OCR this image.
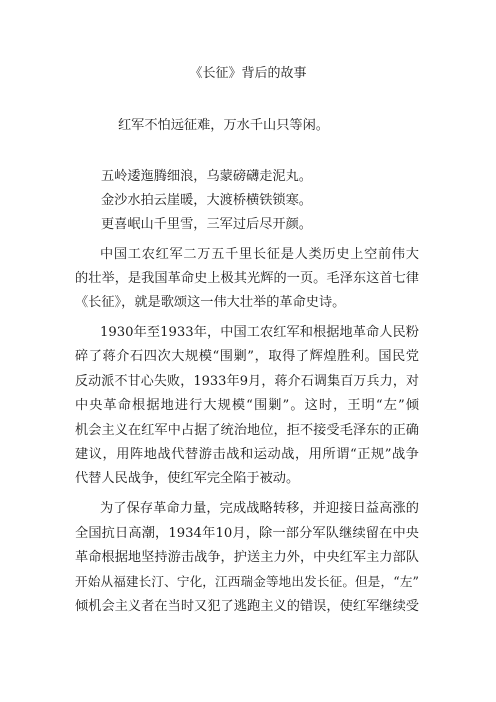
《长征》背后的故事
红军不怕远征难，万水千山只等闲。
五岭逶迤腾细浪，乌蒙磅礴走泥丸。
金沙水拍云崖暖，大渡桥横铁锁寒。
更喜岷山千里雪，三军过后尽开颜。
中国工农红军二万五千里长征是人类历史上空前伟大
的壮举，是我国革命史上极其光辉的一页。毛泽东这首七律
《长征》，就是歌颂这一伟大壮举的革命史诗。
1930年至1933年，中国工农红军和根据地革命人民粉
碎了蒋介石四次大规模“围剿”，取得了辉煌胜利。国民党
反动派不甘心失败，1933年9月，蒋介石调集百万兵力，对
中央革命根据地进行大规模“围剿”。这时，王明“左”倾
机会主义在红军中占据了统治地位，拒不接受毛泽东的正确
建议，用阵地战代替游击战和运动战，用所谓“正规”战争
代替人民战争，使红军完全陷于被动。
为了保存革命力量，完成战略转移，并迎接日益高涨的
全国抗日高潮，1934年10月，除一部分军队继续留在中央
革命根据地坚持游击战争，护送主力外，中央红军主力部队
开始从福建长汀、宁化，江西瑞金等地出发长征。但是，“左”
倾机会主义者在当时又犯了逃跑主义的错误，使红军继续受
